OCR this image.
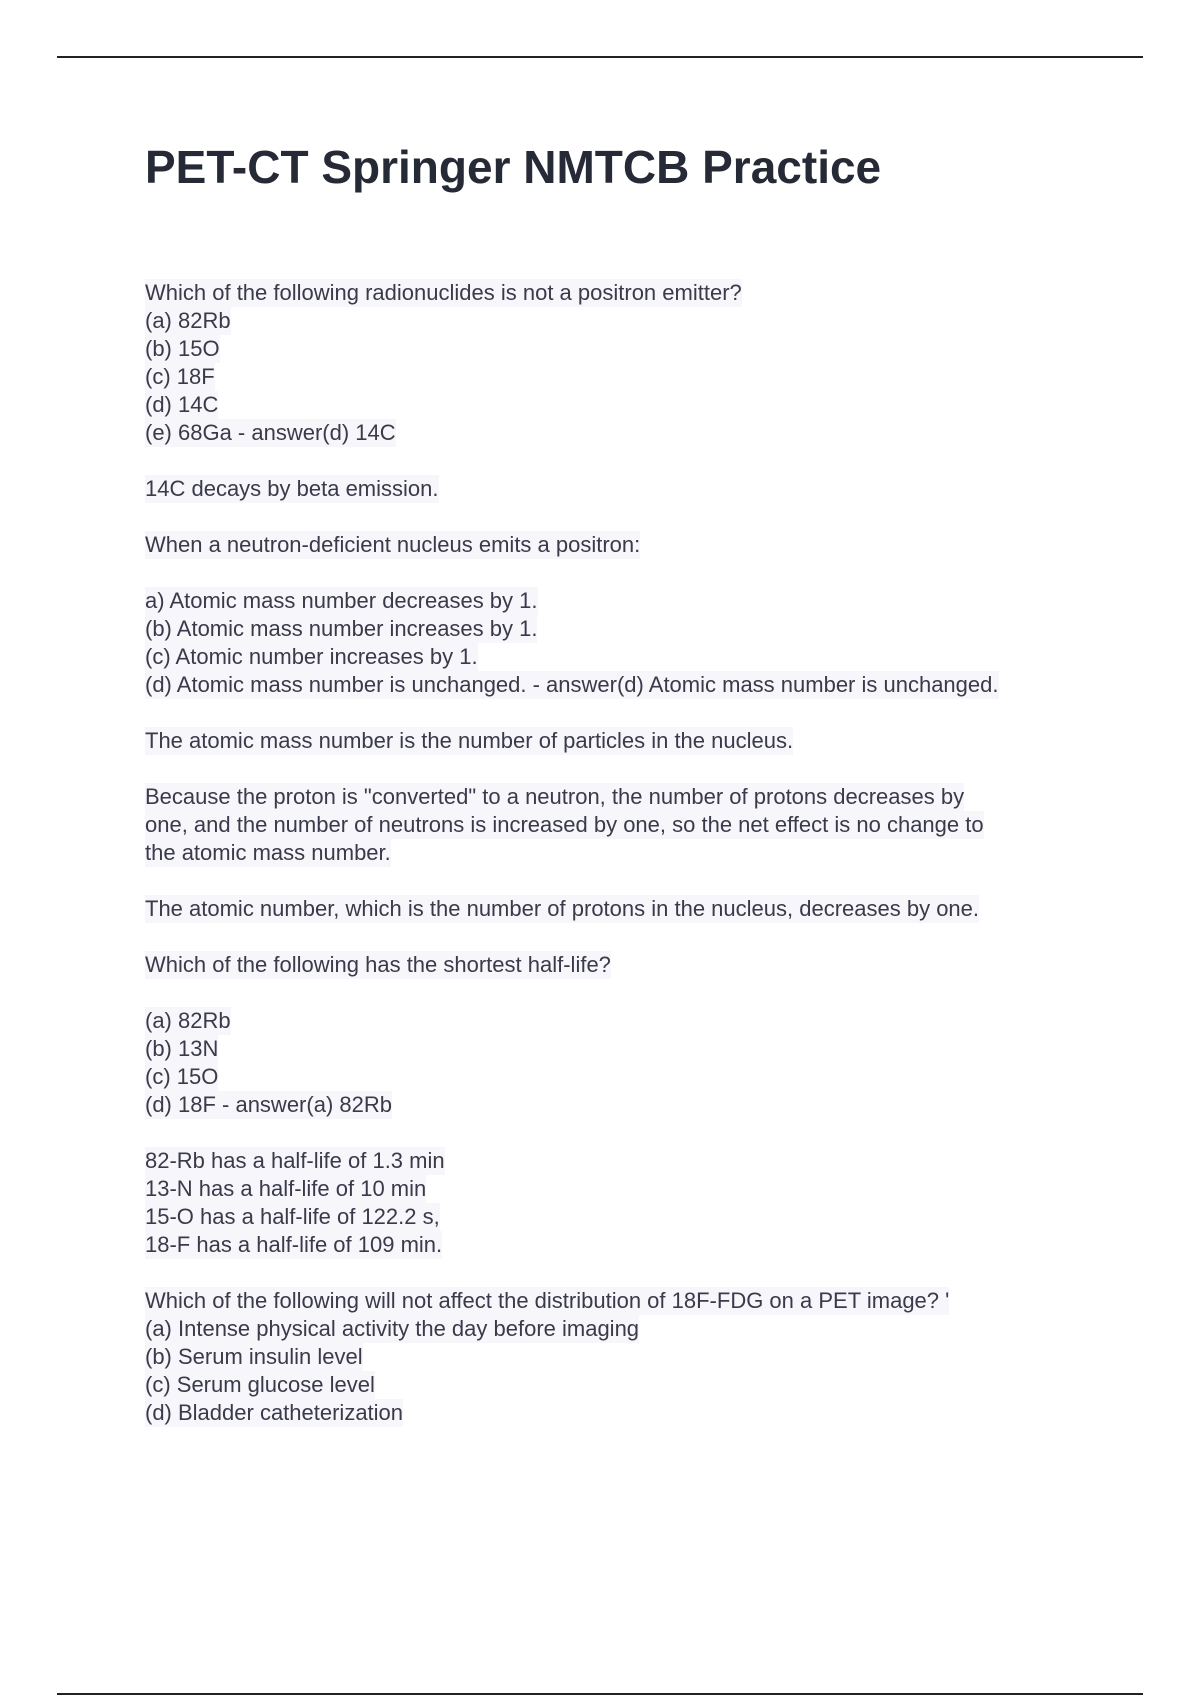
PET-CT Springer NMTCB Practice
Which of the following radionuclides is not a positron emitter?
(a) 82Rb
(b) 15O
(c) 18F
(d) 14C
(e) 68Ga - answer(d) 14C
14C decays by beta emission.
When a neutron-deficient nucleus emits a positron:
a) Atomic mass number decreases by 1.
(b) Atomic mass number increases by 1.
(c) Atomic number increases by 1.
(d) Atomic mass number is unchanged. - answer(d) Atomic mass number is unchanged.
The atomic mass number is the number of particles in the nucleus.
Because the proton is "converted" to a neutron, the number of protons decreases by
one, and the number of neutrons is increased by one, so the net effect is no change to
the atomic mass number.
The atomic number, which is the number of protons in the nucleus, decreases by one.
Which of the following has the shortest half-life?
(a) 82Rb
(b) 13N
(c) 15O
(d) 18F - answer(a) 82Rb
82-Rb has a half-life of 1.3 min
13-N has a half-life of 10 min
15-O has a half-life of 122.2 s,
18-F has a half-life of 109 min.
Which of the following will not affect the distribution of 18F-FDG on a PET image? '
(a) Intense physical activity the day before imaging
(b) Serum insulin level
(c) Serum glucose level
(d) Bladder catheterization
